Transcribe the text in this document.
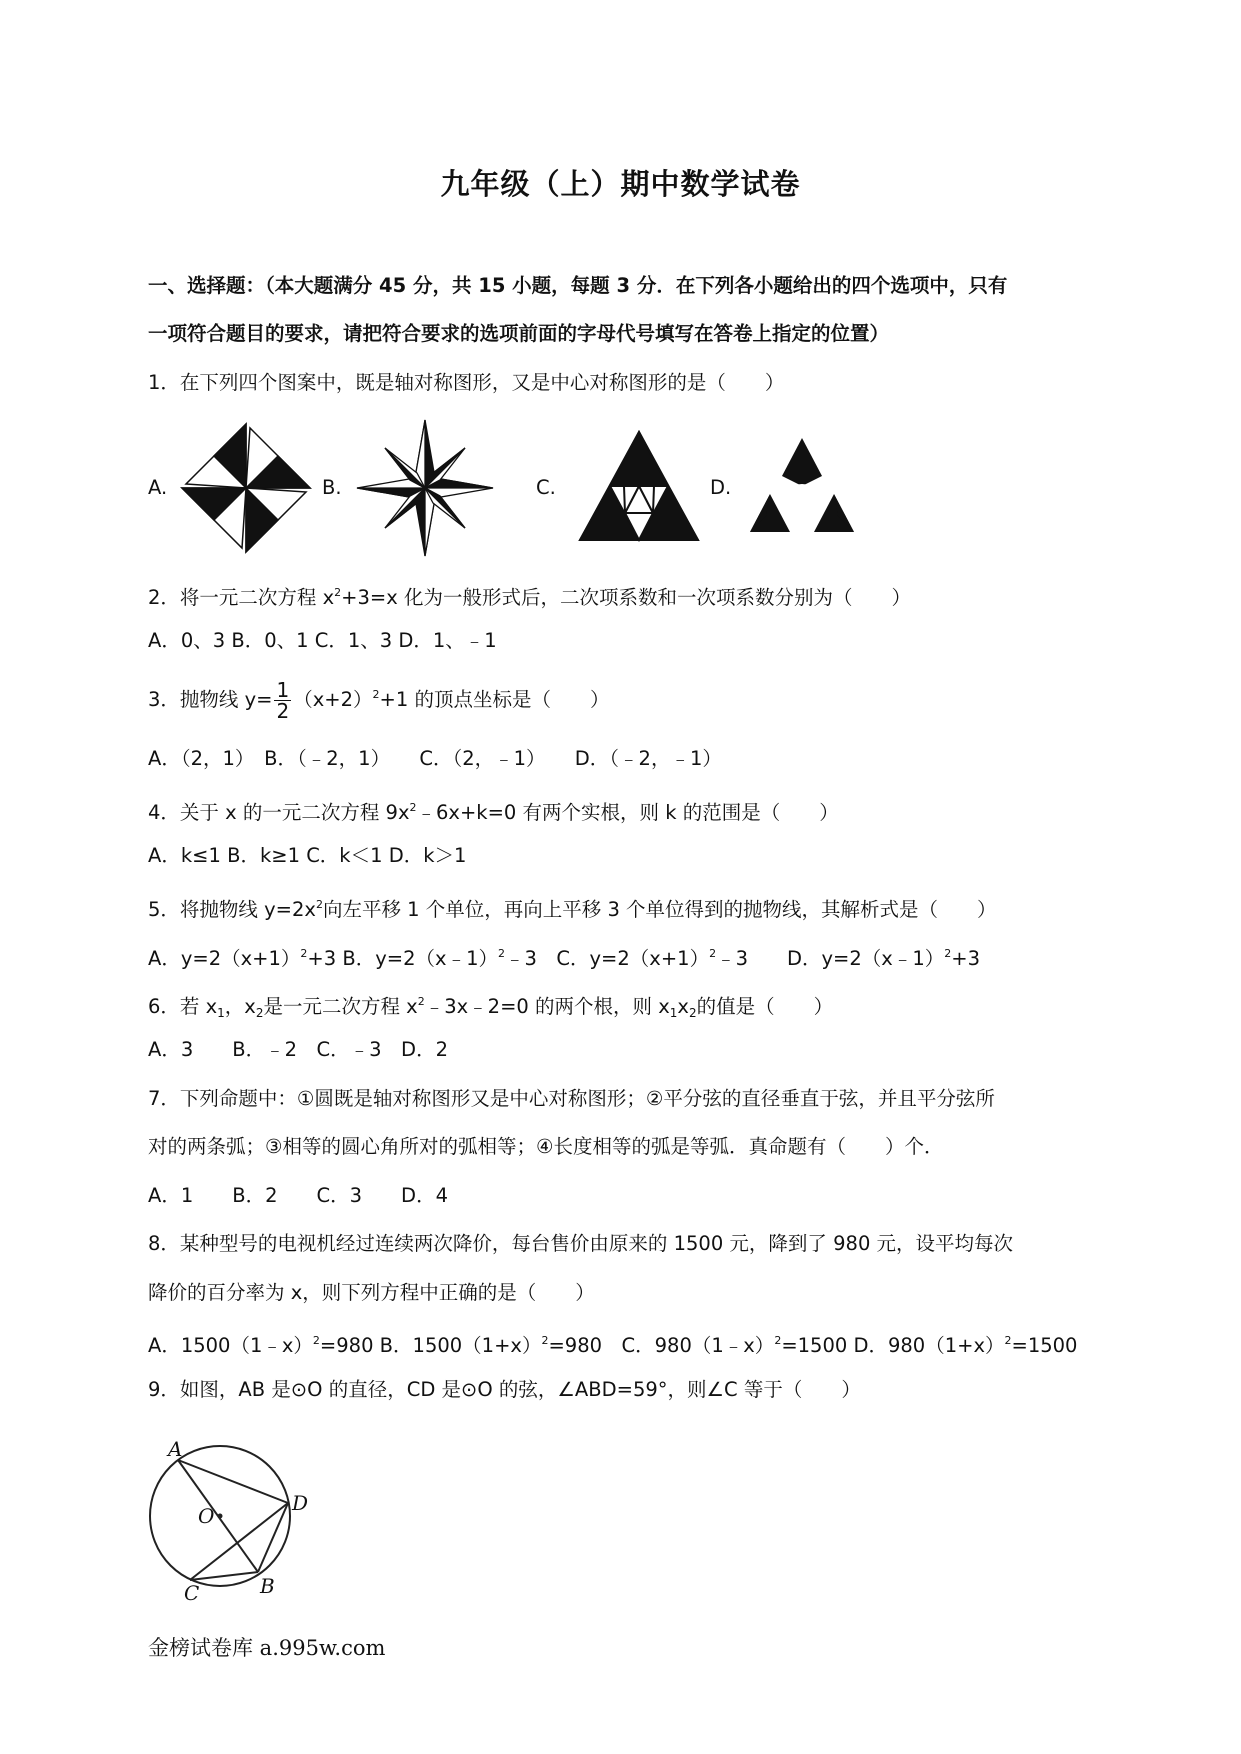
九年级（上）期中数学试卷
一、选择题：（本大题满分 45 分，共 15 小题，每题 3 分．在下列各小题给出的四个选项中，只有
一项符合题目的要求，请把符合要求的选项前面的字母代号填写在答卷上指定的位置）
1．在下列四个图案中，既是轴对称图形，又是中心对称图形的是（　　）
A.	B.	C.	D.
2．将一元二次方程 $x^2+3=x$ 化为一般形式后，二次项系数和一次项系数分别为（　　）
A．0、3 B．0、1 C．1、3 D．1、﹣1
3．抛物线 $y= \frac{1}{2} (x+2)^2+1$ 的顶点坐标是（　　）
A．（2，1）　B．（﹣2，1）　　C．（2，﹣1）　　D．（﹣2，﹣1）
4．关于 x 的一元二次方程 $9x^2﹣6x+k=0$ 有两个实根，则 k 的范围是（　　）
A．k≤1 B．k≥1 C．k＜1 D．k＞1
5．将抛物线 $y=2x^2$向左平移 1 个单位，再向上平移 3 个单位得到的抛物线，其解析式是（　　）
A．$y=2(x+1)^2+3$ B．y=2（x﹣1）$^2$﹣3　C．$y=2(x+1)^2﹣3$　　D．y=2（x﹣1）$^2$+3
6．若 $x_1$，$x_2$是一元二次方程 $x^2﹣3x﹣2=0$ 的两个根，则 $x_1x_2$的值是（　　）
A．3　　B．﹣2　C．﹣3　D．2
7．下列命题中：①圆既是轴对称图形又是中心对称图形；②平分弦的直径垂直于弦，并且平分弦所
对的两条弧；③相等的圆心角所对的弧相等；④长度相等的弧是等弧．真命题有（　　）个．
A．1　　B．2　　C．3　　D．4
8．某种型号的电视机经过连续两次降价，每台售价由原来的 1500 元，降到了 980 元，设平均每次
降价的百分率为 x，则下列方程中正确的是（　　）
A．1500（1﹣x）$^2$=980 B．$1500(1+x)^2=980$　C．980（1﹣x）$^2$=1500 D．$980(1+x)^2=1500$
9．如图，AB 是⊙O 的直径，CD 是⊙O 的弦，∠ABD=59°，则∠C 等于（　　）
A
O
D
C	B
金榜试卷库 a.995w.com
